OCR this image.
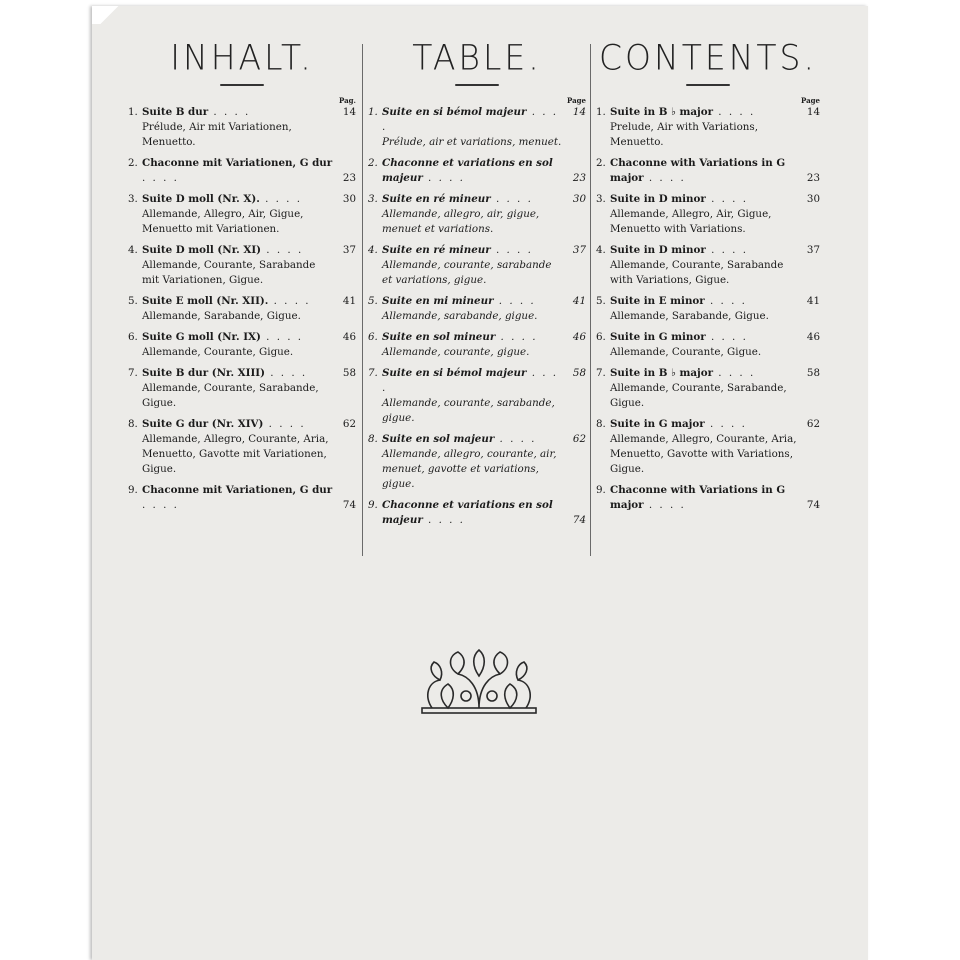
INHALT.
Pag.
1. Suite B dur . . . .
Prélude, Air mit Variationen, Menuetto.
14
2. Chaconne mit Variationen, G dur . . . .	23
3. Suite D moll (Nr. X). . . . .
Allemande, Allegro, Air, Gigue, Menuetto mit Variationen.
30
4. Suite D moll (Nr. XI) . . . .
Allemande, Courante, Sarabande mit Variationen, Gigue.
37
5. Suite E moll (Nr. XII). . . . .
Allemande, Sarabande, Gigue.
41
6. Suite G moll (Nr. IX) . . . .
Allemande, Courante, Gigue.
46
7. Suite B dur (Nr. XIII) . . . .
Allemande, Courante, Sarabande, Gigue.
58
8. Suite G dur (Nr. XIV) . . . .
Allemande, Allegro, Courante, Aria, Menuetto, Gavotte mit Variationen, Gigue.
62
9. Chaconne mit Variationen, G dur . . . .	74
TABLE.
Page
1. Suite en si bémol majeur . . . .
Prélude, air et variations, menuet.
14
2. Chaconne et variations en sol majeur . . . .	23
3. Suite en ré mineur . . . .
Allemande, allegro, air, gigue, menuet et variations.
30
4. Suite en ré mineur . . . .
Allemande, courante, sarabande et variations, gigue.
37
5. Suite en mi mineur . . . .
Allemande, sarabande, gigue.
41
6. Suite en sol mineur . . . .
Allemande, courante, gigue.
46
7. Suite en si bémol majeur . . . .
Allemande, courante, sarabande, gigue.
58
8. Suite en sol majeur . . . .
Allemande, allegro, courante, air, menuet, gavotte et variations, gigue.
62
9. Chaconne et variations en sol majeur . . . .	74
CONTENTS.
Page
1. Suite in B ♭ major . . . .
Prelude, Air with Variations, Menuetto.
14
2. Chaconne with Variations in G major . . . .	23
3. Suite in D minor . . . .
Allemande, Allegro, Air, Gigue, Menuetto with Variations.
30
4. Suite in D minor . . . .
Allemande, Courante, Sarabande with Variations, Gigue.
37
5. Suite in E minor . . . .
Allemande, Sarabande, Gigue.
41
6. Suite in G minor . . . .
Allemande, Courante, Gigue.
46
7. Suite in B ♭ major . . . .
Allemande, Courante, Sarabande, Gigue.
58
8. Suite in G major . . . .
Allemande, Allegro, Courante, Aria, Menuetto, Gavotte with Variations, Gigue.
62
9. Chaconne with Variations in G major . . . .	74
